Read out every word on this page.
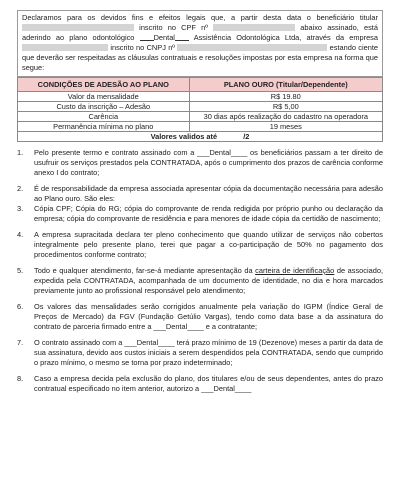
Declaramos para os devidos fins e efeitos legais que, a partir desta data o beneficiário titular  inscrito no CPF nº	abaixo assinado, está aderindo ao plano odontológico	Dental	Assistência Odontológica Ltda, através da empresa  inscrito no CNPJ nº	estando ciente que deverão ser respeitadas as cláusulas contratuais e resoluções impostas por esta empresa na forma que segue:

CONDIÇÕES DE ADESÃO AO PLANO	PLANO OURO (Titular/Dependente)
Valor da mensalidade	R$ 19.80
Custo da inscrição – Adesão	R$ 5,00
Carência	30 dias após realização do cadastro na operadora
Permanência mínima no plano	19 meses
Valores validos até /2	
1. Pelo presente termo e contrato assinado com a ___Dental____ os beneficiários passam a ter direito de usufruir os serviços prestados pela CONTRATADA, após o cumprimento dos prazos de carência conforme anexo I do contrato;

2. É de responsabilidade da empresa associada apresentar cópia da documentação necessária para adesão ao Plano ouro. São eles:

3. Cópia CPF; Cópia do RG; cópia do comprovante de renda redigida por próprio punho ou declaração da empresa; cópia do comprovante de residência e para menores de idade cópia da certidão de nascimento;

4. A empresa supracitada declara ter pleno conhecimento que quando utilizar de serviços não cobertos integralmente pelo presente plano, terei que pagar a co-participação de 50% no pagamento dos procedimentos conforme contrato;

5. Todo e qualquer atendimento, far-se-á mediante apresentação da carteira de identificação de associado, expedida pela CONTRATADA, acompanhada de um documento de identidade, no dia e hora marcados previamente junto ao profissional responsável pelo atendimento;

6. Os valores das mensalidades serão corrigidos anualmente pela variação do IGPM (Índice Geral de Preços de Mercado) da FGV (Fundação Getúlio Vargas), tendo como data base a da assinatura do contrato de parceria firmado entre a ___Dental____ e a contratante;

7. O contrato assinado com a ___Dental____ terá prazo mínimo de 19 (Dezenove) meses a partir da data de sua assinatura, devido aos custos iniciais a serem despendidos pela CONTRATADA, sendo que cumprido o prazo mínimo, o mesmo se torna por prazo indeterminado;

8. Caso a empresa decida pela exclusão do plano, dos titulares e/ou de seus dependentes, antes do prazo contratual especificado no item anterior, autorizo a ___Dental____
